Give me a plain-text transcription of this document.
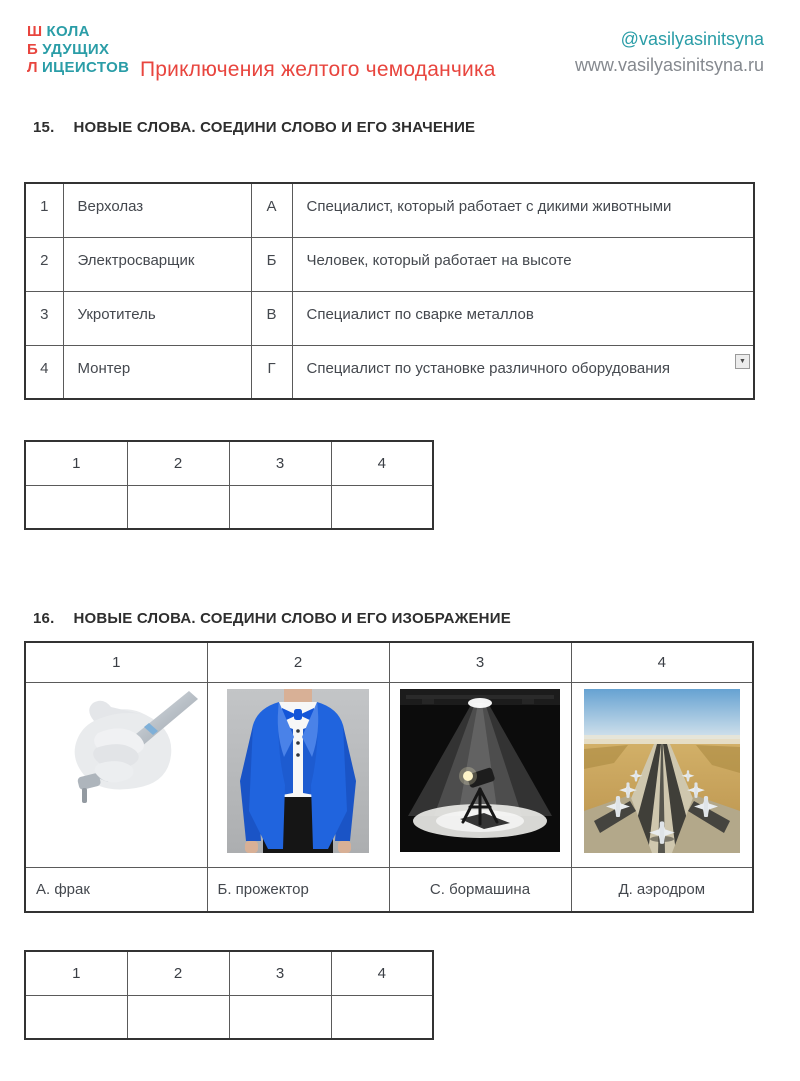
Ш КОЛА
Б УДУЩИХ
Л ИЦЕИСТОВ Приключения желтого чемоданчика
@vasilyasinitsyna
www.vasilyasinitsyna.ru
15. НОВЫЕ СЛОВА. СОЕДИНИ СЛОВО И ЕГО ЗНАЧЕНИЕ
1	Верхолаз	А	Специалист, который работает с дикими животными
2	Электросварщик	Б	Человек, который работает на высоте
3	Укротитель	В	Специалист по сварке металлов
4	Монтер	Г	Специалист по установке различного оборудования ▼
1	2	3	4

16. НОВЫЕ СЛОВА. СОЕДИНИ СЛОВО И ЕГО ИЗОБРАЖЕНИЕ
1	2	3	4

А. фрак	Б. прожектор	С. бормашина	Д. аэродром
1	2	3	4
